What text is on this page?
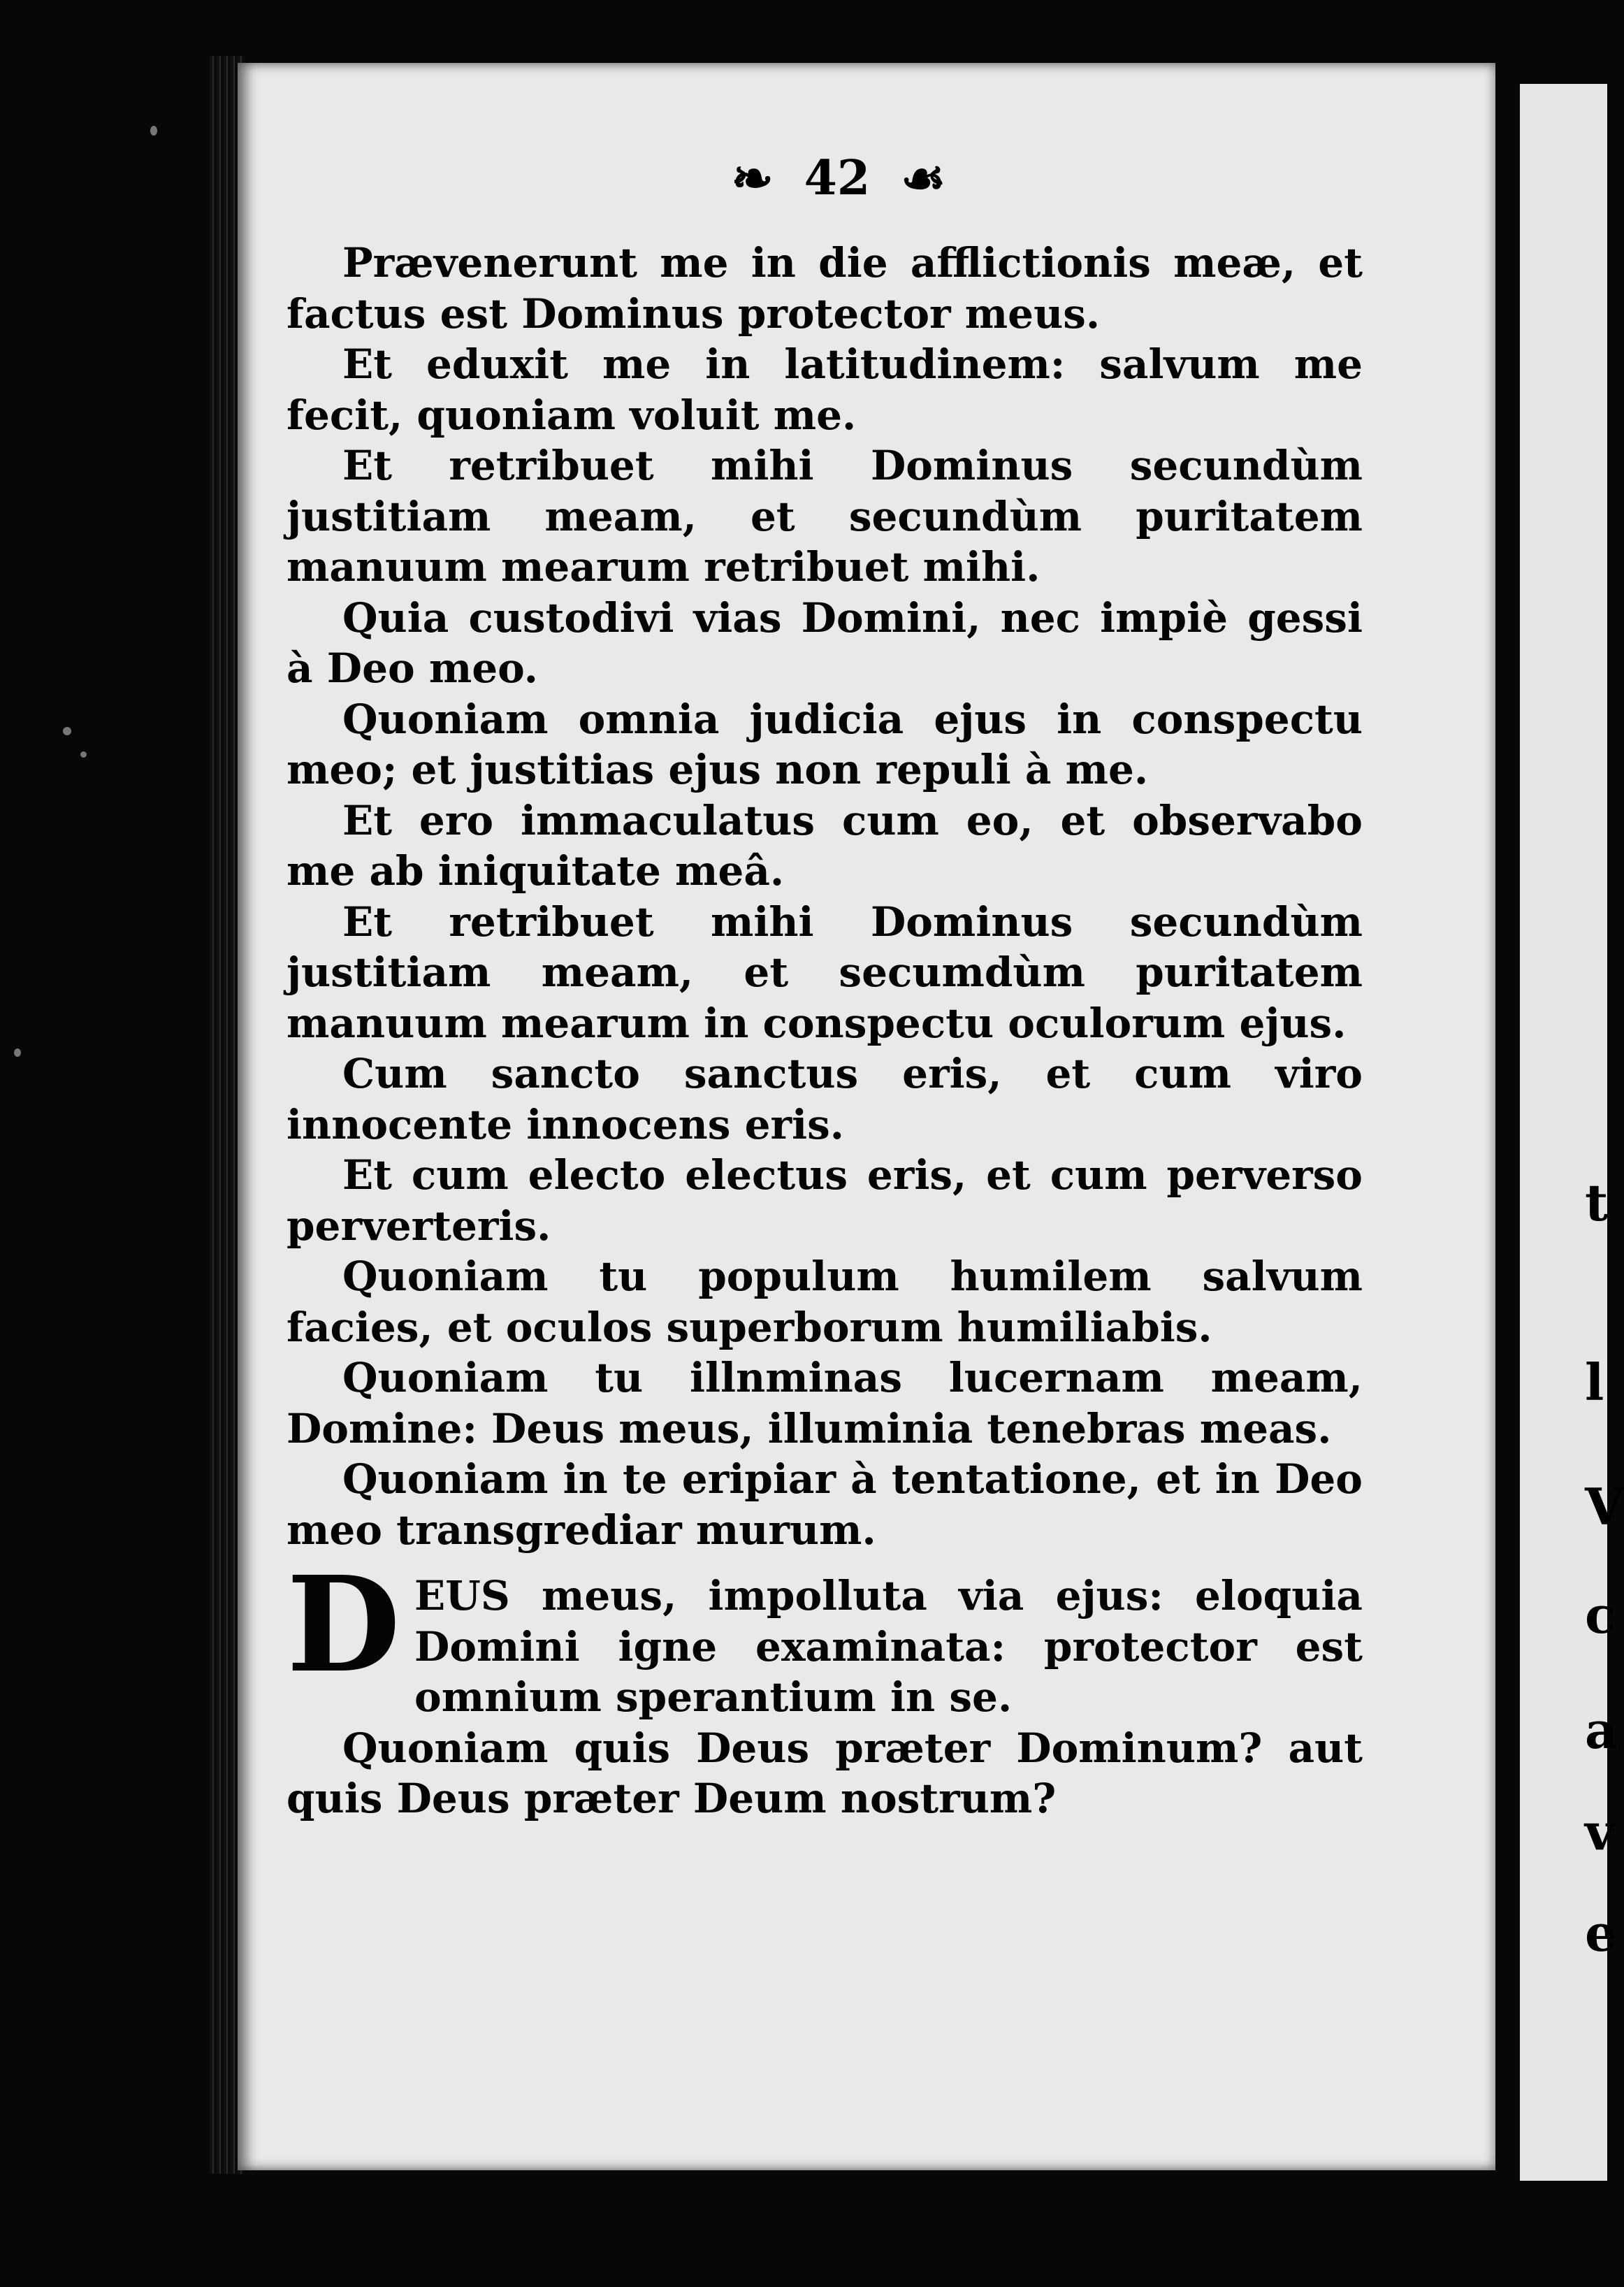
❧ 42 ☙

Prævenerunt me in die afflictionis meæ, et factus est Dominus protector meus.

Et eduxit me in latitudinem: salvum me fecit, quoniam voluit me.

Et retribuet mihi Dominus secundùm justitiam meam, et secundùm puritatem manuum mearum retribuet mihi.

Quia custodivi vias Domini, nec impiè gessi à Deo meo.

Quoniam omnia judicia ejus in conspectu meo; et justitias ejus non repuli à me.

Et ero immaculatus cum eo, et observabo me ab iniquitate meâ.

Et retribuet mihi Dominus secundùm justitiam meam, et secumdùm puritatem manuum mearum in conspectu oculorum ejus.

Cum sancto sanctus eris, et cum viro innocente innocens eris.

Et cum electo electus eris, et cum perverso perverteris.

Quoniam tu populum humilem salvum facies, et oculos superborum humiliabis.

Quoniam tu illnminas lucernam meam, Domine: Deus meus, illuminia tenebras meas.

Quoniam in te eripiar à tentatione, et in Deo meo transgrediar murum.

D EUS meus, impolluta via ejus: eloquia Domini igne examinata: protector est omnium sperantium in se.

Quoniam quis Deus præter Dominum? aut quis Deus præter Deum nostrum?

t
l
V
c
a
v
e
